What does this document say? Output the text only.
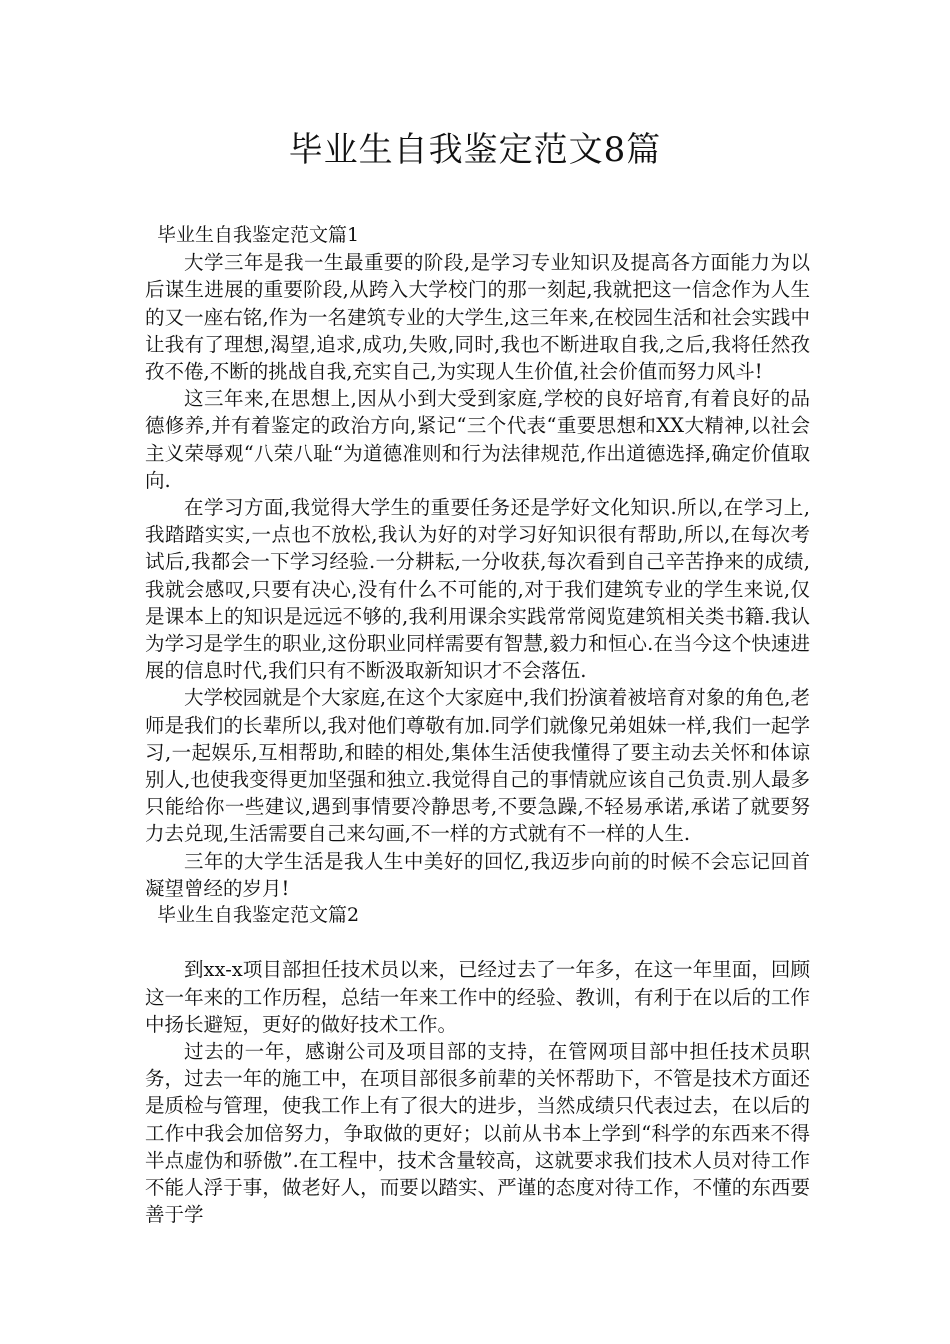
毕业生自我鉴定范文8篇
毕业生自我鉴定范文篇1

大学三年是我一生最重要的阶段,是学习专业知识及提高各方面能力为以后谋生进展的重要阶段,从跨入大学校门的那一刻起,我就把这一信念作为人生的又一座右铭,作为一名建筑专业的大学生,这三年来,在校园生活和社会实践中让我有了理想,渴望,追求,成功,失败,同时,我也不断进取自我,之后,我将任然孜孜不倦,不断的挑战自我,充实自己,为实现人生价值,社会价值而努力风斗!

这三年来,在思想上,因从小到大受到家庭,学校的良好培育,有着良好的品德修养,并有着鉴定的政治方向,紧记“三个代表“重要思想和XX大精神,以社会主义荣辱观“八荣八耻“为道德准则和行为法律规范,作出道德选择,确定价值取向.

在学习方面,我觉得大学生的重要任务还是学好文化知识.所以,在学习上,我踏踏实实,一点也不放松,我认为好的对学习好知识很有帮助,所以,在每次考试后,我都会一下学习经验.一分耕耘,一分收获,每次看到自己辛苦挣来的成绩,我就会感叹,只要有决心,没有什么不可能的,对于我们建筑专业的学生来说,仅是课本上的知识是远远不够的,我利用课余实践常常阅览建筑相关类书籍.我认为学习是学生的职业,这份职业同样需要有智慧,毅力和恒心.在当今这个快速进展的信息时代,我们只有不断汲取新知识才不会落伍.

大学校园就是个大家庭,在这个大家庭中,我们扮演着被培育对象的角色,老师是我们的长辈所以,我对他们尊敬有加.同学们就像兄弟姐妹一样,我们一起学习,一起娱乐,互相帮助,和睦的相处,集体生活使我懂得了要主动去关怀和体谅别人,也使我变得更加坚强和独立.我觉得自己的事情就应该自己负责.别人最多只能给你一些建议,遇到事情要冷静思考,不要急躁,不轻易承诺,承诺了就要努力去兑现,生活需要自己来勾画,不一样的方式就有不一样的人生.

三年的大学生活是我人生中美好的回忆,我迈步向前的时候不会忘记回首凝望曾经的岁月!

毕业生自我鉴定范文篇2

到xx-x项目部担任技术员以来，已经过去了一年多，在这一年里面，回顾这一年来的工作历程，总结一年来工作中的经验、教训，有利于在以后的工作中扬长避短，更好的做好技术工作。

过去的一年，感谢公司及项目部的支持，在管网项目部中担任技术员职务，过去一年的施工中，在项目部很多前辈的关怀帮助下，不管是技术方面还是质检与管理，使我工作上有了很大的进步，当然成绩只代表过去，在以后的工作中我会加倍努力，争取做的更好；以前从书本上学到“科学的东西来不得半点虚伪和骄傲”.在工程中，技术含量较高，这就要求我们技术人员对待工作不能人浮于事，做老好人，而要以踏实、严谨的态度对待工作，不懂的东西要善于学
